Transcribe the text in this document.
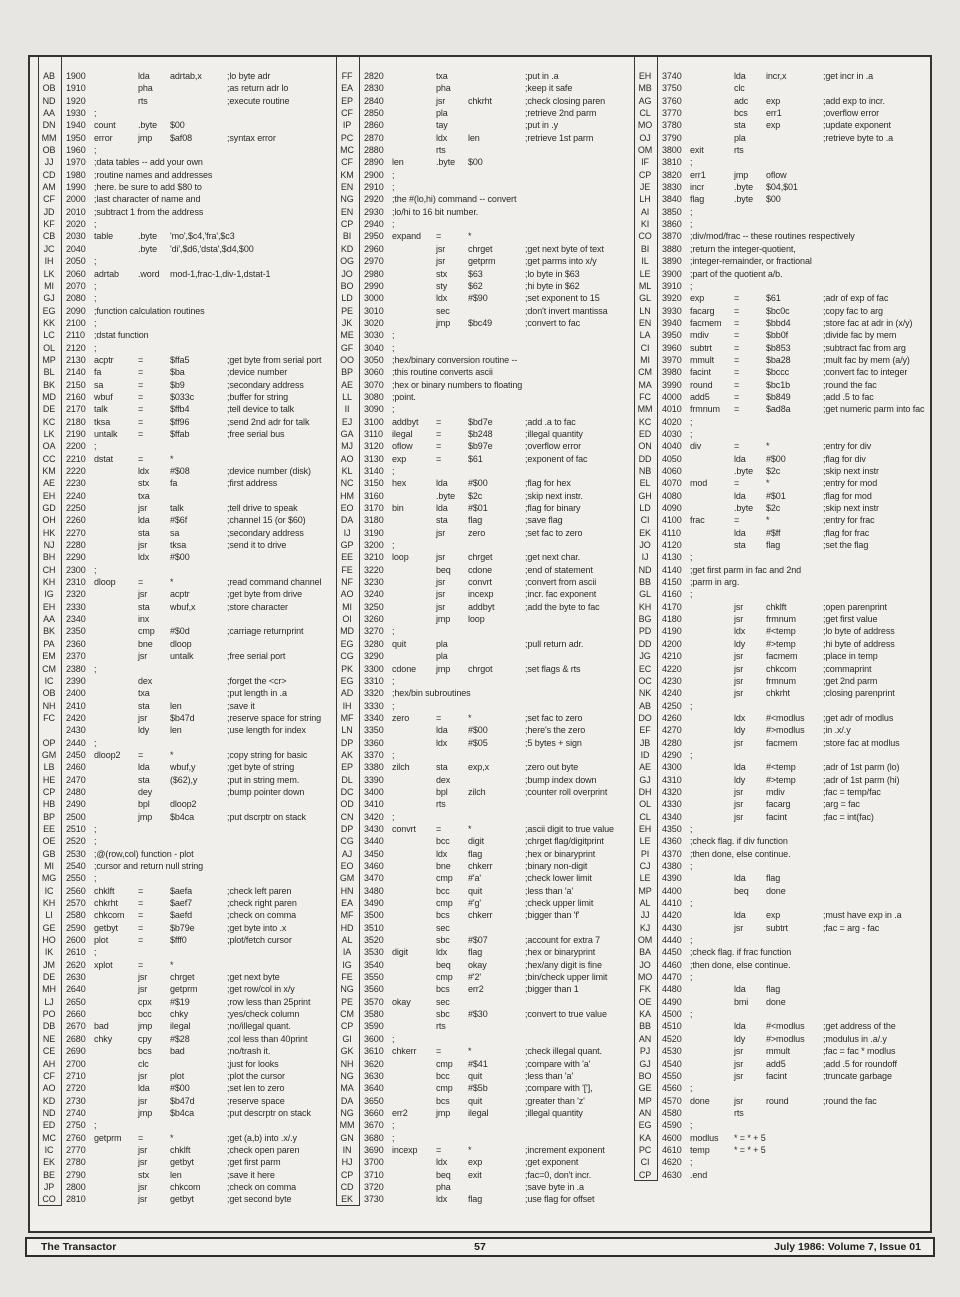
AB	1900	lda	adrtab,x	;lo byte adr
OB	1910	pha	;as return adr lo
ND	1920	rts	;execute routine
AA	1930 ;
DN	1940 count	.byte	$00
MM	1950 error	jmp	$af08	;syntax error
OB	1960 ;
JJ	1970 ;data tables -- add your own
CD	1980 ;routine names and addresses
AM	1990 ;here. be sure to add $80 to
CF	2000 ;last character of name and
JD	2010 ;subtract 1 from the address
KF	2020 ;
CB	2030 table	.byte	'mo',$c4,'fra',$c3
JC	2040	.byte	'di',$d6,'dsta',$d4,$00
IH	2050 ;
LK	2060 adrtab	.word	mod-1,frac-1,div-1,dstat-1
MI	2070 ;
GJ	2080 ;
EG	2090 ;function calculation routines
KK	2100 ;
LC	2110	;dstat function
OL	2120 ;
MP	2130 acptr	=	$ffa5	;get byte from serial port
BL	2140 fa	=	$ba	;device number
BK	2150 sa	=	$b9	;secondary address
MD	2160 wbuf	=	$033c	;buffer for string
DE	2170 talk	=	$ffb4	;tell device to talk
KC	2180 tksa	=	$ff96	;send 2nd adr for talk
LK	2190 untalk	=	$ffab	;free serial bus
OA	2200 ;
CC	2210 dstat	=	*
KM	2220	ldx	#$08	;device number (disk)
AE	2230	stx	fa	;first address
EH	2240	txa
GD	2250	jsr	talk	;tell drive to speak
OH	2260	lda	#$6f	;channel 15 (or $60)
HK	2270	sta	sa	;secondary address
NJ	2280	jsr	tksa	;send it to drive
BH	2290	ldx	#$00
CH	2300 ;
KH	2310 dloop	=	*	;read command channel
IG	2320	jsr	acptr	;get byte from drive
EH	2330	sta	wbuf,x	;store character
AA	2340	inx
BK	2350	cmp	#$0d	;carriage returnprint
PA	2360	bne	dloop
EM	2370	jsr	untalk	;free serial port
CM	2380 ;
IC	2390	dex	;forget the <cr>
OB	2400	txa	;put length in .a
NH	2410	sta	len	;save it
FC	2420	jsr	$b47d	;reserve space for string
2430	ldy	len	;use length for index
OP	2440 ;
GM	2450 dloop2	=	*	;copy string for basic
LB	2460	lda	wbuf,y	;get byte of string
HE	2470	sta	($62),y	;put in string mem.
CP	2480	dey	;bump pointer down
HB	2490	bpl	dloop2
BP	2500	jmp	$b4ca	;put dscrptr on stack
EE	2510 ;
OE	2520 ;
GB	2530 ;@(row,col) function - plot
MI	2540 ;cursor and return null string
MG	2550 ;
IC	2560 chklft	=	$aefa	;check left paren
KH	2570 chkrht	=	$aef7	;check right paren
LI	2580 chkcom	=	$aefd	;check on comma
GE	2590 getbyt	=	$b79e	;get byte into .x
HO	2600 plot	=	$fff0	;plot/fetch cursor
IK	2610 ;
JM	2620 xplot	=	*
DE	2630	jsr	chrget	;get next byte
MH	2640	jsr	getprm	;get row/col in x/y
LJ	2650	cpx	#$19	;row less than 25print
PO	2660	bcc	chky	;yes/check column
DB	2670 bad	jmp	ilegal	;no/illegal quant.
NE	2680 chky	cpy	#$28	;col less than 40print
CE	2690	bcs	bad	;no/trash it.
AH	2700	clc	;just for looks
CF	2710	jsr	plot	;plot the cursor
AO	2720	lda	#$00	;set len to zero
KD	2730	jsr	$b47d	;reserve space
ND	2740	jmp	$b4ca	;put descrptr on stack
ED	2750 ;
MC	2760 getprm	=	*	;get (a,b) into .x/.y
IC	2770	jsr	chklft	;check open paren
EK	2780	jsr	getbyt	;get first parm
BE	2790	stx	len	;save it here
JP	2800	jsr	chkcom	;check on comma
CO	2810	jsr	getbyt	;get second byte
FF	2820	txa	;put in .a
EA	2830	pha	;keep it safe
EP	2840	jsr	chkrht	;check closing paren
CF	2850	pla	;retrieve 2nd parm
IP	2860	tay	;put in .y
PC	2870	ldx	len	;retrieve 1st parm
MC	2880	rts
CF	2890 len	.byte	$00
KM	2900 ;
EN	2910 ;
NG	2920 ;the #(lo,hi) command -- convert
EN	2930 ;lo/hi to 16 bit number.
CP	2940 ;
BI	2950 expand	=	*
KD	2960	jsr	chrget	;get next byte of text
OG	2970	jsr	getprm	;get parms into x/y
JO	2980	stx	$63	;lo byte in $63
BO	2990	sty	$62	;hi byte in $62
LD	3000	ldx	#$90	;set exponent to 15
PE	3010	sec	;don't invert mantissa
JK	3020	jmp	$bc49	;convert to fac
ME	3030 ;
GF	3040 ;
OO	3050 ;hex/binary conversion routine --
BP	3060 ;this routine converts ascii
AE	3070 ;hex or binary numbers to floating
LL	3080 ;point.
II	3090 ;
EJ	3100 addbyt	=	$bd7e	;add .a to fac
GA	3110	ilegal	=	$b248	;illegal quantity
MJ	3120 oflow	=	$b97e	;overflow error
AO	3130 exp	=	$61	;exponent of fac
KL	3140 ;
NC	3150 hex	lda	#$00	;flag for hex
HM	3160	.byte	$2c	;skip next instr.
EO	3170 bin	lda	#$01	;flag for binary
DA	3180	sta	flag	;save flag
IJ	3190	jsr	zero	;set fac to zero
GP	3200 ;
EE	3210 loop	jsr	chrget	;get next char.
FE	3220	beq	cdone	;end of statement
NF	3230	jsr	convrt	;convert from ascii
AO	3240	jsr	incexp	;incr. fac exponent
MI	3250	jsr	addbyt	;add the byte to fac
OI	3260	jmp	loop
MD	3270 ;
EG	3280 quit	pla	;pull return adr.
CG	3290	pla
PK	3300 cdone	jmp	chrgot	;set flags & rts
EG	3310 ;
AD	3320 ;hex/bin subroutines
IH	3330 ;
MF	3340 zero	=	*	;set fac to zero
LN	3350	lda	#$00	;here's the zero
DP	3360	ldx	#$05	;5 bytes + sign
AK	3370 ;
EP	3380 zilch	sta	exp,x	;zero out byte
DL	3390	dex	;bump index down
DC	3400	bpl	zilch	;counter roll overprint
OD	3410	rts
CN	3420 ;
DP	3430 convrt	=	*	;ascii digit to true value
CG	3440	bcc	digit	;chrget flag/digitprint
AJ	3450	ldx	flag	;hex or binaryprint
EO	3460	bne	chkerr	;binary non-digit
GM	3470	cmp	#'a'	;check lower limit
HN	3480	bcc	quit	;less than 'a'
EA	3490	cmp	#'g'	;check upper limit
MF	3500	bcs	chkerr	;bigger than 'f'
HD	3510	sec
AL	3520	sbc	#$07	;account for extra 7
IA	3530 digit	ldx	flag	;hex or binaryprint
IG	3540	beq	okay	;hex/any digit is fine
FE	3550	cmp	#'2'	;bin/check upper limit
NG	3560	bcs	err2	;bigger than 1
PE	3570 okay	sec
CM	3580	sbc	#$30	;convert to true value
CP	3590	rts
GI	3600 ;
GK	3610 chkerr	=	*	;check illegal quant.
NH	3620	cmp	#$41	;compare with 'a'
NG	3630	bcc	quit	;less than 'a'
MA	3640	cmp	#$5b	;compare with '['],
DA	3650	bcs	quit	;greater than 'z'
NG	3660 err2	jmp	ilegal	;illegal quantity
MM	3670 ;
GN	3680 ;
IN	3690 incexp	=	*	;increment exponent
HJ	3700	ldx	exp	;get exponent
CP	3710	beq	exit	;fac=0, don't incr.
CD	3720	pha	;save byte in .a
EK	3730	ldx	flag	;use flag for offset
EH	3740	lda	incr,x	;get incr in .a
MB	3750	clc
AG	3760	adc	exp	;add exp to incr.
CL	3770	bcs	err1	;overflow error
MO	3780	sta	exp	;update exponent
OJ	3790	pla	;retrieve byte to .a
OM	3800 exit	rts
IF	3810 ;
CP	3820 err1	jmp	oflow
JE	3830 incr	.byte	$04,$01
LH	3840 flag	.byte	$00
AI	3850 ;
KI	3860 ;
CO	3870 ;div/mod/frac -- these routines respectively
BI	3880 ;return the integer-quotient,
IL	3890 ;integer-remainder, or fractional
LE	3900 ;part of the quotient a/b.
ML	3910 ;
GL	3920 exp	=	$61	;adr of exp of fac
LN	3930 facarg	=	$bc0c	;copy fac to arg
EN	3940 facmem	=	$bbd4	;store fac at adr in (x/y)
LA	3950 mdiv	=	$bb0f	;divide fac by mem
CI	3960 subtrt	=	$b853	;subtract fac from arg
MI	3970 mmult	=	$ba28	;mult fac by mem (a/y)
CM	3980 facint	=	$bccc	;convert fac to integer
MA	3990 round	=	$bc1b	;round the fac
FC	4000 add5	=	$b849	;add .5 to fac
MM	4010 frmnum	=	$ad8a	;get numeric parm into fac
KC	4020 ;
ED	4030 ;
ON	4040 div	=	*	;entry for div
DD	4050	lda	#$00	;flag for div
NB	4060	.byte	$2c	;skip next instr
EL	4070 mod	=	*	;entry for mod
GH	4080	lda	#$01	;flag for mod
LD	4090	.byte	$2c	;skip next instr
CI	4100 frac	=	*	;entry for frac
EK	4110	lda	#$ff	;flag for frac
JO	4120	sta	flag	;set the flag
IJ	4130 ;
ND	4140 ;get first parm in fac and 2nd
BB	4150 ;parm in arg.
GL	4160 ;
KH	4170	jsr	chklft	;open parenprint
BG	4180	jsr	frmnum	;get first value
PD	4190	ldx	#<temp	;lo byte of address
DD	4200	ldy	#>temp	;hi byte of address
JG	4210	jsr	facmem	;place in temp
EC	4220	jsr	chkcom	;commaprint
OC	4230	jsr	frmnum	;get 2nd parm
NK	4240	jsr	chkrht	;closing parenprint
AB	4250 ;
DO	4260	ldx	#<modlus	;get adr of modlus
EF	4270	ldy	#>modlus	;in .x/.y
JB	4280	jsr	facmem	;store fac at modlus
ID	4290 ;
AE	4300	lda	#<temp	;adr of 1st parm (lo)
GJ	4310	ldy	#>temp	;adr of 1st parm (hi)
DH	4320	jsr	mdiv	;fac = temp/fac
OL	4330	jsr	facarg	;arg = fac
CL	4340	jsr	facint	;fac = int(fac)
EH	4350 ;
LE	4360 ;check flag. if div function
PI	4370 ;then done, else continue.
CJ	4380 ;
LE	4390	lda	flag
MP	4400	beq	done
AL	4410 ;
JJ	4420	lda	exp	;must have exp in .a
KJ	4430	jsr	subtrt	;fac = arg - fac
OM	4440 ;
BA	4450 ;check flag. if frac function
JO	4460 ;then done, else continue.
MO	4470 ;
FK	4480	lda	flag
OE	4490	bmi	done
KA	4500 ;
BB	4510	lda	#<modlus	;get address of the
AN	4520	ldy	#>modlus	;modulus in .a/.y
PJ	4530	jsr	mmult	;fac = fac * modlus
GJ	4540	jsr	add5	;add .5 for roundoff
BO	4550	jsr	facint	;truncate garbage
GE	4560 ;
MP	4570 done	jsr	round	;round the fac
AN	4580	rts
EG	4590 ;
KA	4600 modlus	* = * + 5
PC	4610 temp	* = * + 5
CI	4620 ;
CP	4630 .end
The Transactor	57	July 1986: Volume 7, Issue 01
